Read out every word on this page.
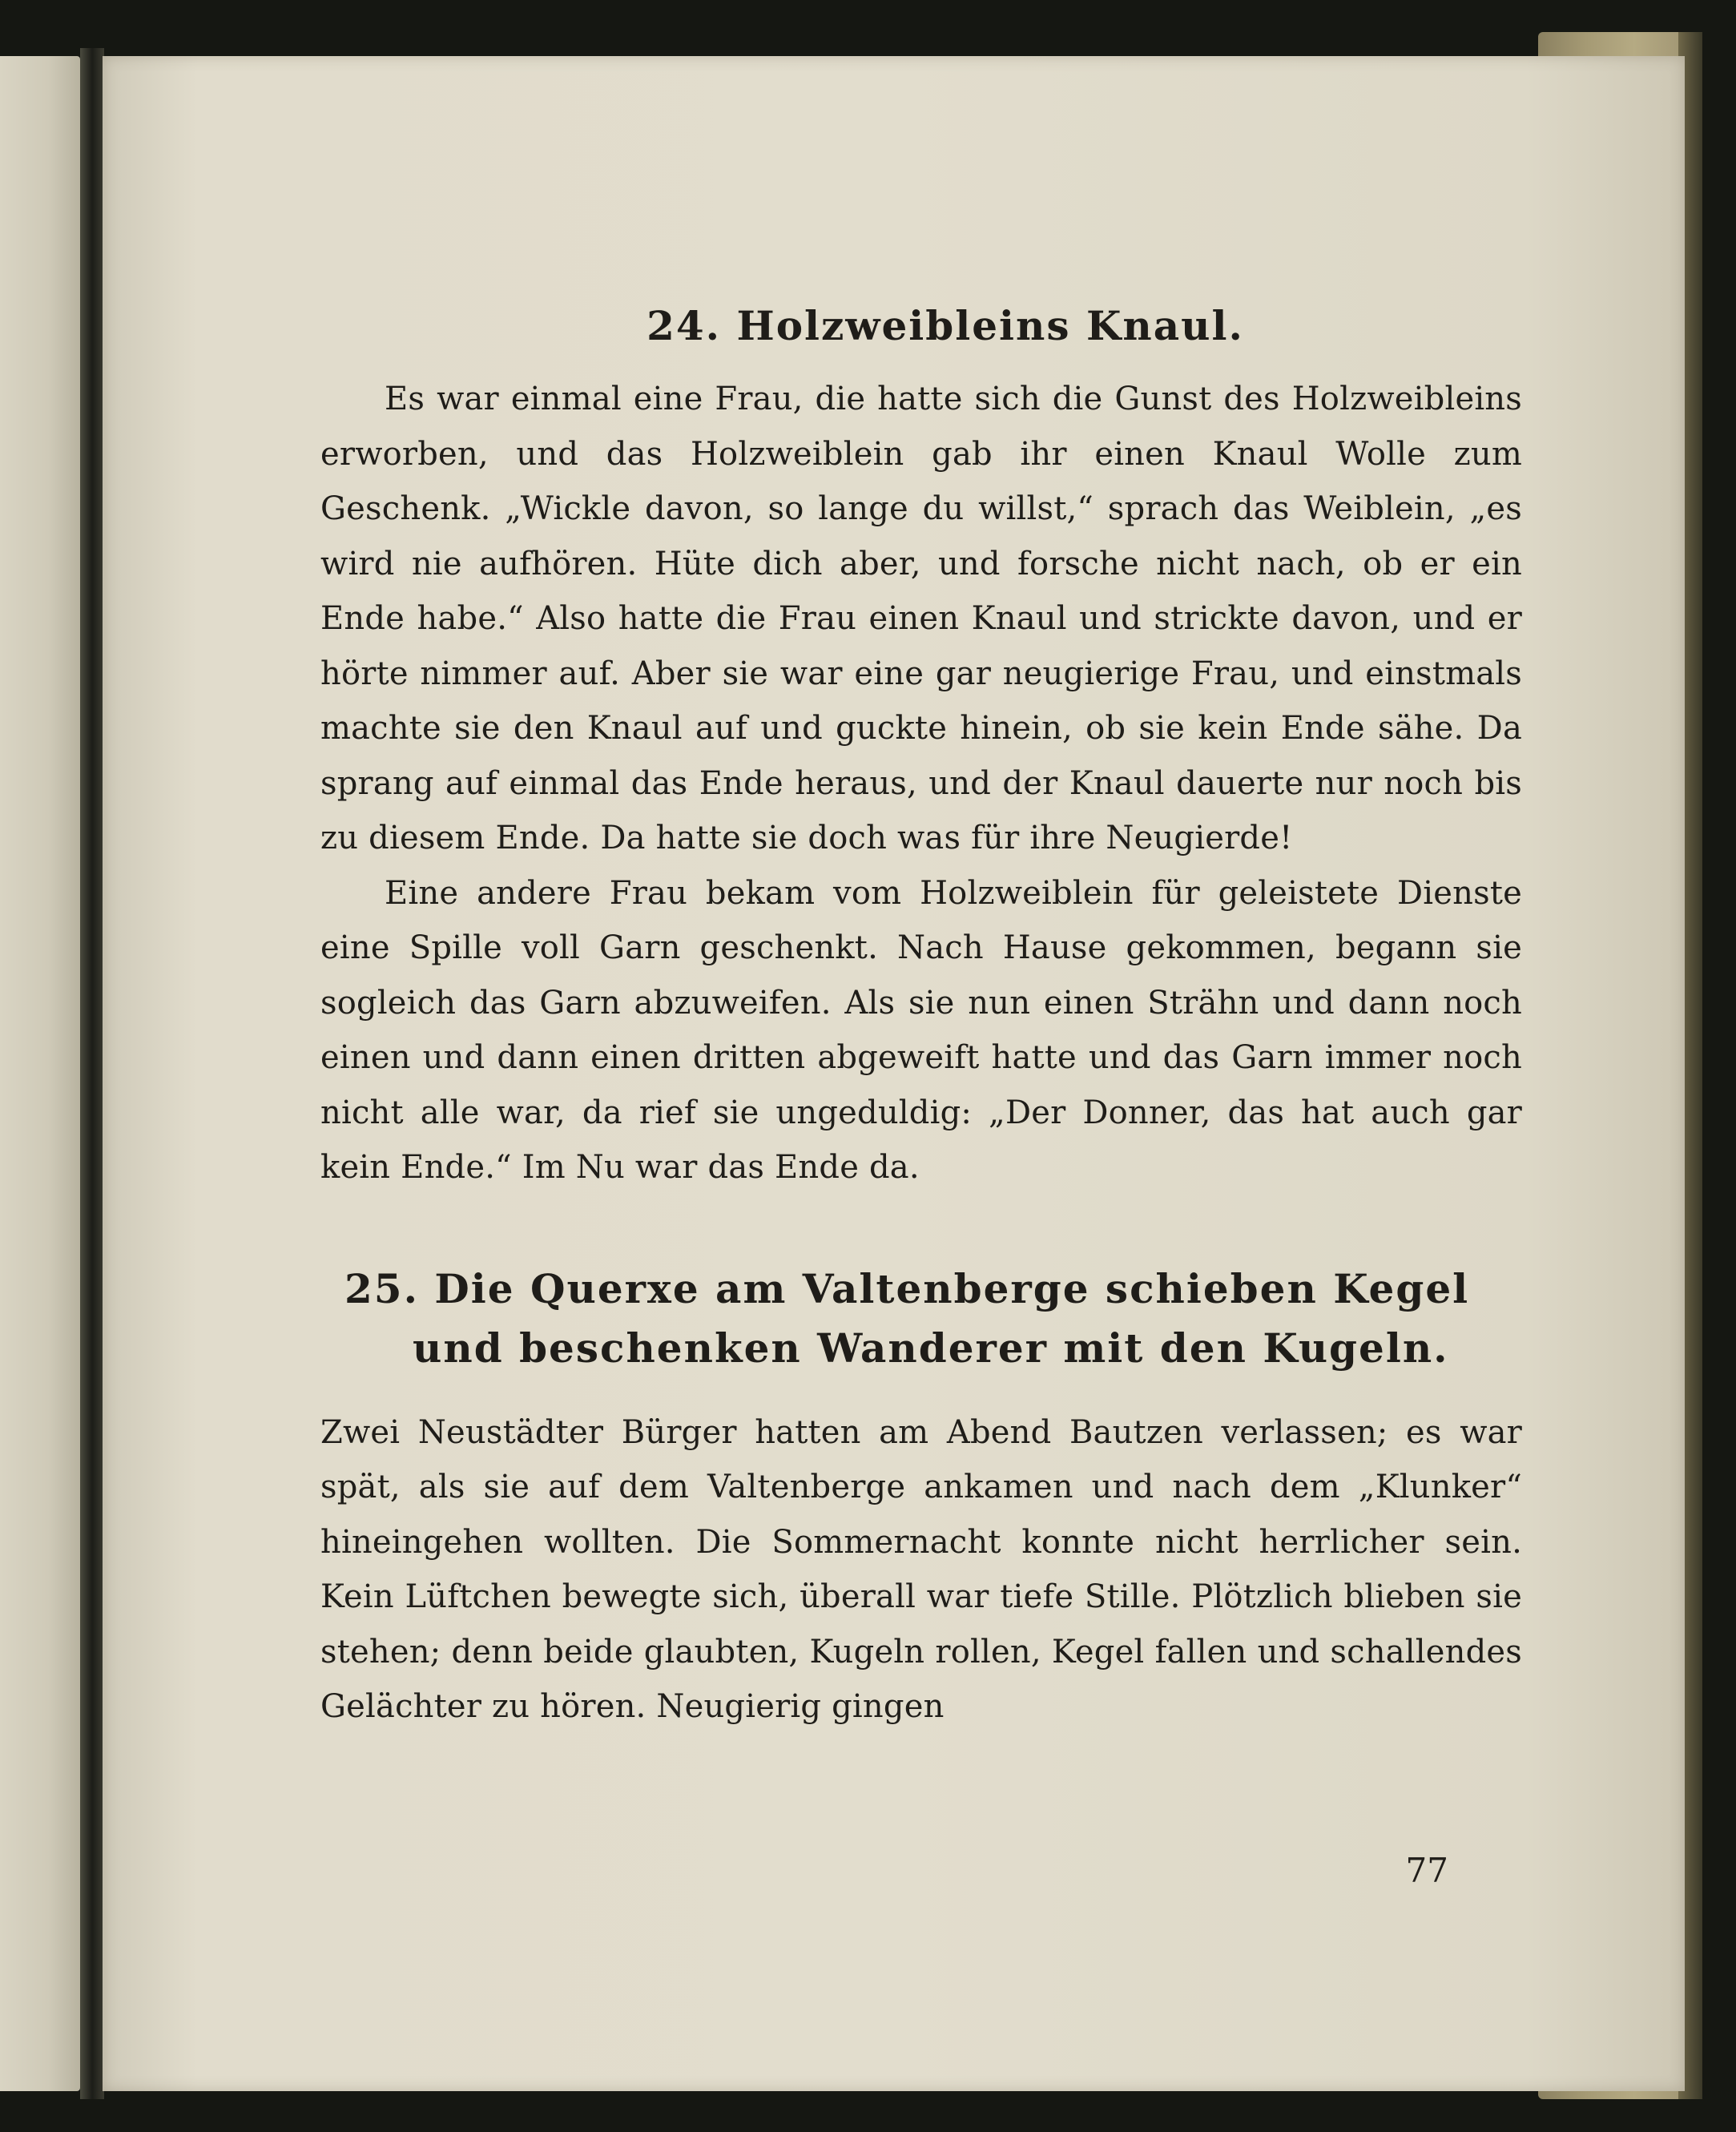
24. Holzweibleins Knaul.

Es war einmal eine Frau, die hatte sich die Gunst des Holzweibleins erworben, und das Holzweiblein gab ihr einen Knaul Wolle zum Geschenk. „Wickle davon, so lange du willst,“ sprach das Weiblein, „es wird nie aufhören. Hüte dich aber, und forsche nicht nach, ob er ein Ende habe.“ Also hatte die Frau einen Knaul und strickte davon, und er hörte nimmer auf. Aber sie war eine gar neugierige Frau, und einstmals machte sie den Knaul auf und guckte hinein, ob sie kein Ende sähe. Da sprang auf einmal das Ende heraus, und der Knaul dauerte nur noch bis zu diesem Ende. Da hatte sie doch was für ihre Neugierde!

Eine andere Frau bekam vom Holzweiblein für geleistete Dienste eine Spille voll Garn geschenkt. Nach Hause gekommen, begann sie sogleich das Garn abzuweifen. Als sie nun einen Strähn und dann noch einen und dann einen dritten abgeweift hatte und das Garn immer noch nicht alle war, da rief sie ungeduldig: „Der Donner, das hat auch gar kein Ende.“ Im Nu war das Ende da.

25. Die Querxe am Valtenberge schieben Kegel
und beschenken Wanderer mit den Kugeln.

Zwei Neustädter Bürger hatten am Abend Bautzen verlassen; es war spät, als sie auf dem Valtenberge ankamen und nach dem „Klunker“ hineingehen wollten. Die Sommernacht konnte nicht herrlicher sein. Kein Lüftchen bewegte sich, überall war tiefe Stille. Plötzlich blieben sie stehen; denn beide glaubten, Kugeln rollen, Kegel fallen und schallendes Gelächter zu hören. Neugierig gingen

77
